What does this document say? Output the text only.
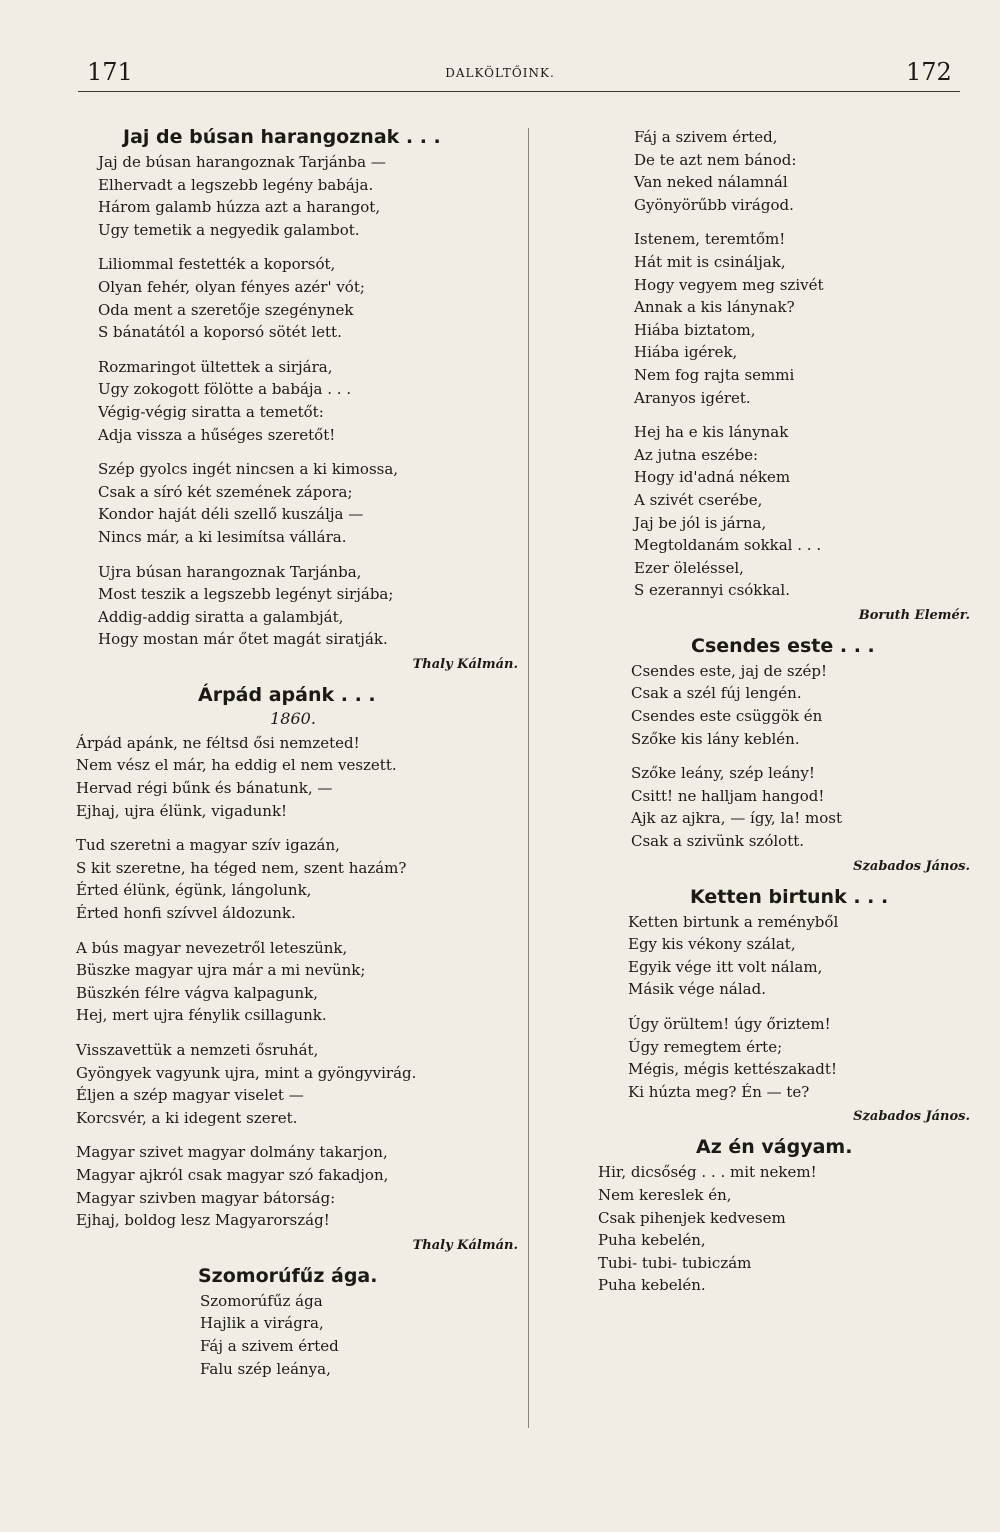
171	DALKÖLTŐINK.	172
Jaj de búsan harangoznak . . .
Jaj de búsan harangoznak Tarjánba —
Elhervadt a legszebb legény babája.
Három galamb húzza azt a harangot,
Ugy temetik a negyedik galambot.
Liliommal festették a koporsót,
Olyan fehér, olyan fényes azér' vót;
Oda ment a szeretője szegénynek
S bánatától a koporsó sötét lett.
Rozmaringot ültettek a sirjára,
Ugy zokogott fölötte a babája . . .
Végig-végig siratta a temetőt:
Adja vissza a hűséges szeretőt!
Szép gyolcs ingét nincsen a ki kimossa,
Csak a síró két szemének zápora;
Kondor haját déli szellő kuszálja —
Nincs már, a ki lesimítsa vállára.
Ujra búsan harangoznak Tarjánba,
Most teszik a legszebb legényt sirjába;
Addig-addig siratta a galambját,
Hogy mostan már őtet magát siratják.
Thaly Kálmán.
Árpád apánk . . .
1860.
Árpád apánk, ne féltsd ősi nemzeted!
Nem vész el már, ha eddig el nem veszett.
Hervad régi bűnk és bánatunk, —
Ejhaj, ujra élünk, vigadunk!
Tud szeretni a magyar szív igazán,
S kit szeretne, ha téged nem, szent hazám?
Érted élünk, égünk, lángolunk,
Érted honfi szívvel áldozunk.
A bús magyar nevezetről leteszünk,
Büszke magyar ujra már a mi nevünk;
Büszkén félre vágva kalpagunk,
Hej, mert ujra fénylik csillagunk.
Visszavettük a nemzeti ősruhát,
Gyöngyek vagyunk ujra, mint a gyöngyvirág.
Éljen a szép magyar viselet —
Korcsvér, a ki idegent szeret.
Magyar szivet magyar dolmány takarjon,
Magyar ajkról csak magyar szó fakadjon,
Magyar szivben magyar bátorság:
Ejhaj, boldog lesz Magyarország!
Thaly Kálmán.
Szomorúfűz ága.
Szomorúfűz ága
Hajlik a virágra,
Fáj a szivem érted
Falu szép leánya,
Fáj a szivem érted,
De te azt nem bánod:
Van neked nálamnál
Gyönyörűbb virágod.
Istenem, teremtőm!
Hát mit is csináljak,
Hogy vegyem meg szivét
Annak a kis lánynak?
Hiába biztatom,
Hiába igérek,
Nem fog rajta semmi
Aranyos igéret.
Hej ha e kis lánynak
Az jutna eszébe:
Hogy id'adná nékem
A szivét cserébe,
Jaj be jól is járna,
Megtoldanám sokkal . . .
Ezer öleléssel,
S ezerannyi csókkal.
Boruth Elemér.
Csendes este . . .
Csendes este, jaj de szép!
Csak a szél fúj lengén.
Csendes este csüggök én
Szőke kis lány keblén.
Szőke leány, szép leány!
Csitt! ne halljam hangod!
Ajk az ajkra, — így, la! most
Csak a szivünk szólott.
Szabados János.
Ketten birtunk . . .
Ketten birtunk a reményből
Egy kis vékony szálat,
Egyik vége itt volt nálam,
Másik vége nálad.
Úgy örültem! úgy őriztem!
Úgy remegtem érte;
Mégis, mégis kettészakadt!
Ki húzta meg? Én — te?
Szabados János.
Az én vágyam.
Hir, dicsőség . . . mit nekem!
Nem kereslek én,
Csak pihenjek kedvesem
Puha kebelén,
Tubi- tubi- tubiczám
Puha kebelén.
